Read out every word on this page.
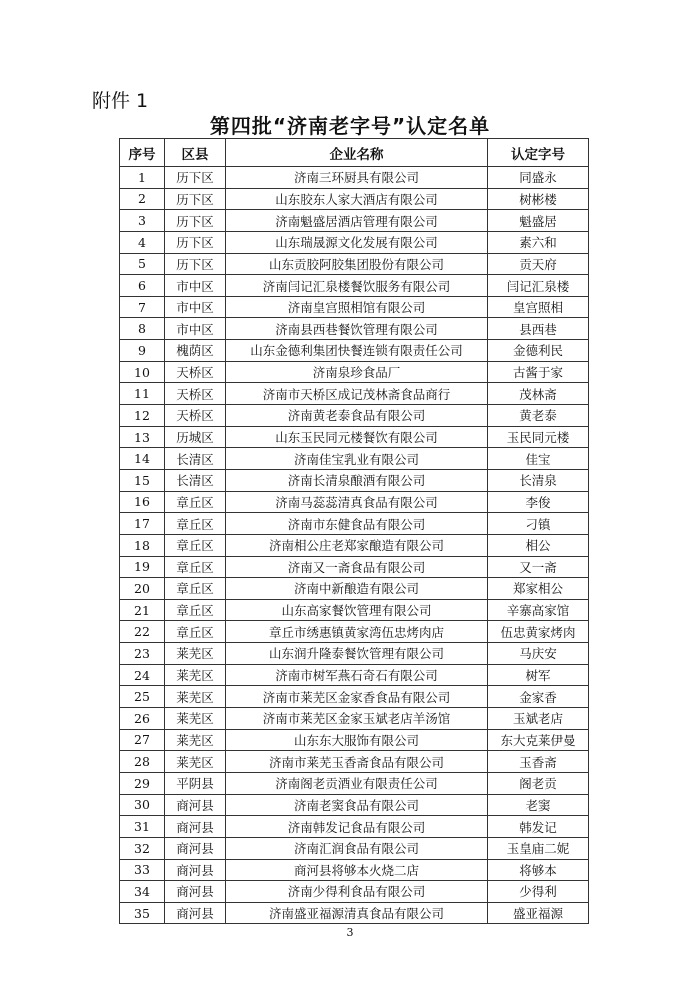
附件 1
第四批“济南老字号”认定名单
序号	区县	企业名称	认定字号
1	历下区	济南三环厨具有限公司	同盛永
2	历下区	山东胶东人家大酒店有限公司	树彬楼
3	历下区	济南魁盛居酒店管理有限公司	魁盛居
4	历下区	山东瑞晟源文化发展有限公司	素六和
5	历下区	山东贡胶阿胶集团股份有限公司	贡天府
6	市中区	济南闫记汇泉楼餐饮服务有限公司	闫记汇泉楼
7	市中区	济南皇宫照相馆有限公司	皇宫照相
8	市中区	济南县西巷餐饮管理有限公司	县西巷
9	槐荫区	山东金德利集团快餐连锁有限责任公司	金德利民
10	天桥区	济南泉珍食品厂	古酱于家
11	天桥区	济南市天桥区成记茂林斋食品商行	茂林斋
12	天桥区	济南黄老泰食品有限公司	黄老泰
13	历城区	山东玉民同元楼餐饮有限公司	玉民同元楼
14	长清区	济南佳宝乳业有限公司	佳宝
15	长清区	济南长清泉酿酒有限公司	长清泉
16	章丘区	济南马蕊蕊清真食品有限公司	李俊
17	章丘区	济南市东健食品有限公司	刁镇
18	章丘区	济南相公庄老郑家酿造有限公司	相公
19	章丘区	济南又一斋食品有限公司	又一斋
20	章丘区	济南中新酿造有限公司	郑家相公
21	章丘区	山东高家餐饮管理有限公司	辛寨高家馆
22	章丘区	章丘市绣惠镇黄家湾伍忠烤肉店	伍忠黄家烤肉
23	莱芜区	山东润升隆泰餐饮管理有限公司	马庆安
24	莱芜区	济南市树军燕石奇石有限公司	树军
25	莱芜区	济南市莱芜区金家香食品有限公司	金家香
26	莱芜区	济南市莱芜区金家玉斌老店羊汤馆	玉斌老店
27	莱芜区	山东东大服饰有限公司	东大克莱伊曼
28	莱芜区	济南市莱芜玉香斋食品有限公司	玉香斋
29	平阴县	济南阁老贡酒业有限责任公司	阁老贡
30	商河县	济南老窦食品有限公司	老窦
31	商河县	济南韩发记食品有限公司	韩发记
32	商河县	济南汇润食品有限公司	玉皇庙二妮
33	商河县	商河县将够本火烧二店	将够本
34	商河县	济南少得利食品有限公司	少得利
35	商河县	济南盛亚福源清真食品有限公司	盛亚福源
3
